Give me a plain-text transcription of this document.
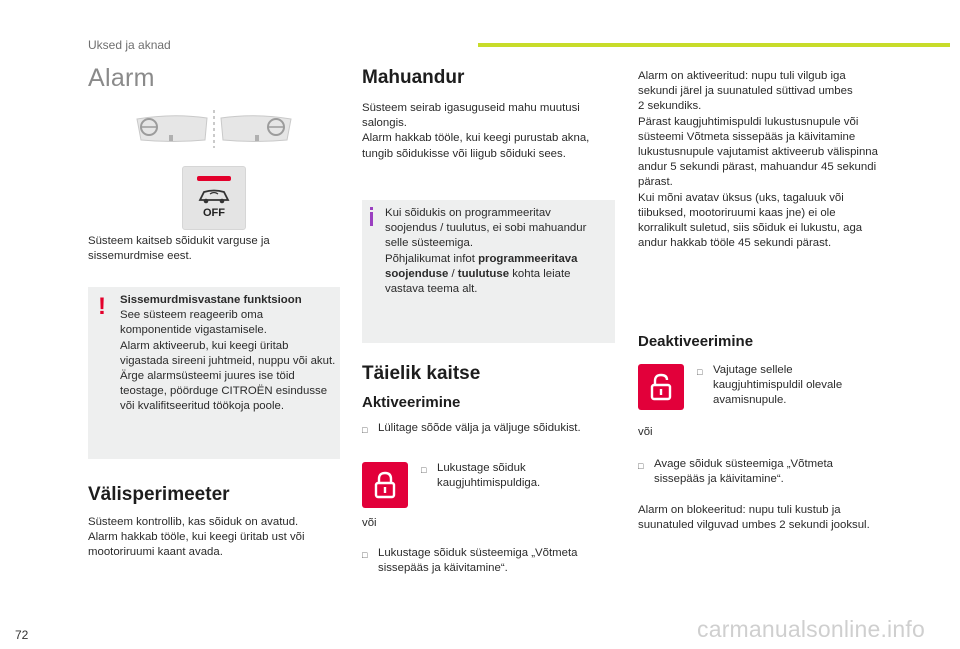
Uksed ja aknad
Alarm
OFF
Süsteem kaitseb sõidukit varguse ja
sissemurdmise eest.
! Sissemurdmisvastane funktsioon
See süsteem reageerib oma
komponentide vigastamisele.
Alarm aktiveerub, kui keegi üritab
vigastada sireeni juhtmeid, nuppu või akut.
Ärge alarmsüsteemi juures ise töid
teostage, pöörduge CITROËN esindusse
või kvalifitseeritud töökoja poole.
Välisperimeeter
Süsteem kontrollib, kas sõiduk on avatud.
Alarm hakkab tööle, kui keegi üritab ust või
mootoriruumi kaant avada.
Mahuandur
Süsteem seirab igasuguseid mahu muutusi
salongis.
Alarm hakkab tööle, kui keegi purustab akna,
tungib sõidukisse või liigub sõiduki sees.
Kui sõidukis on programmeeritav
soojendus / tuulutus, ei sobi mahuandur
selle süsteemiga.
Põhjalikumat infot programmeeritava
soojenduse / tuulutuse kohta leiate
vastava teema alt.
Täielik kaitse
Aktiveerimine
□ Lülitage sõõde välja ja väljuge sõidukist.
□ Lukustage sõiduk
kaugjuhtimispuldiga.
või
□ Lukustage sõiduk süsteemiga „Võtmeta
sissepääs ja käivitamine“.
Alarm on aktiveeritud: nupu tuli vilgub iga
sekundi järel ja suunatuled süttivad umbes
2 sekundiks.
Pärast kaugjuhtimispuldi lukustusnupule või
süsteemi Võtmeta sissepääs ja käivitamine
lukustusnupule vajutamist aktiveerub välispinna
andur 5 sekundi pärast, mahuandur 45 sekundi
pärast.
Kui mõni avatav üksus (uks, tagaluuk või
tiibukse​d, mootoriruumi kaas jne) ei ole
korralikult suletud, siis sõiduk ei lukustu, aga
andur hakkab tööle 45 sekundi pärast.
Deaktiveerimine
□ Vajutage sellele
kaugjuhtimispuldil olevale
avamisnupule.
või
□ Avage sõiduk süsteemiga „Võtmeta
sissepääs ja käivitamine“.
Alarm on blokeeritud: nupu tuli kustub ja
suunatuled vilguvad umbes 2 sekundi jooksul.
72	carmanualsonline.info
